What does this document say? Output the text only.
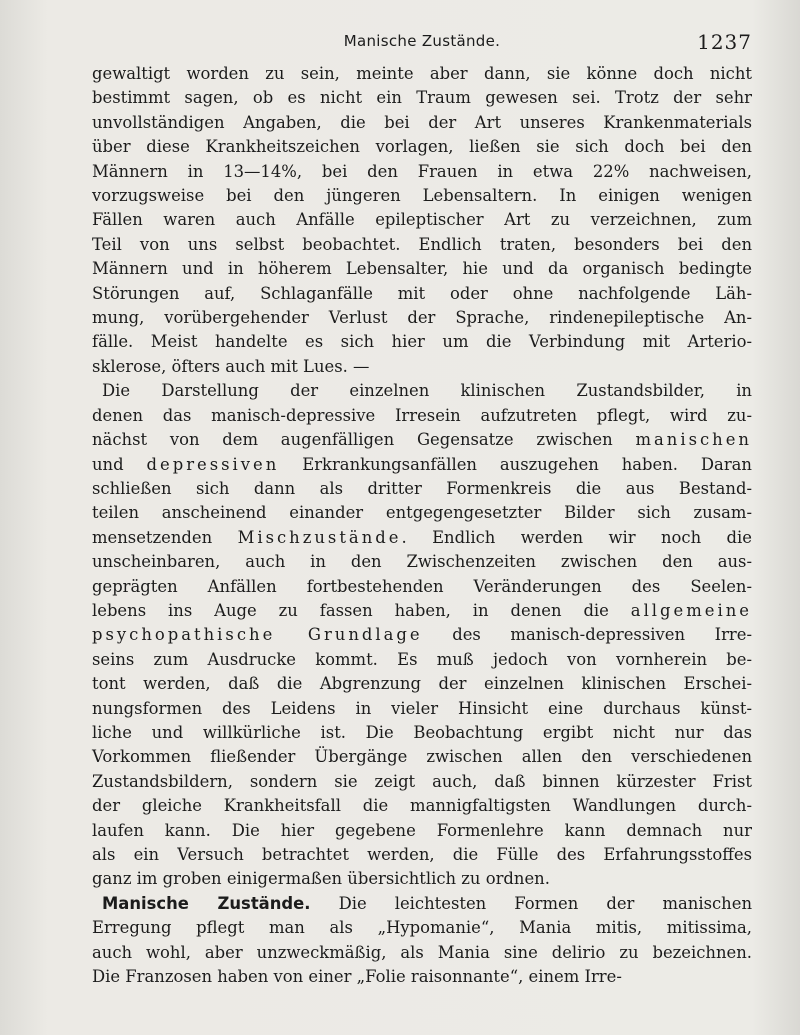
Manische Zustände.	1237

gewaltigt worden zu sein, meinte aber dann, sie könne doch nicht

bestimmt sagen, ob es nicht ein Traum gewesen sei. Trotz der sehr

unvollständigen Angaben, die bei der Art unseres Krankenmaterials

über diese Krankheitszeichen vorlagen, ließen sie sich doch bei den

Männern in 13—14%, bei den Frauen in etwa 22% nachweisen,

vorzugsweise bei den jüngeren Lebensaltern. In einigen wenigen

Fällen waren auch Anfälle epileptischer Art zu verzeichnen, zum

Teil von uns selbst beobachtet. Endlich traten, besonders bei den

Männern und in höherem Lebensalter, hie und da organisch bedingte

Störungen auf, Schlaganfälle mit oder ohne nachfolgende Läh-

mung, vorübergehender Verlust der Sprache, rindenepileptische An-

fälle. Meist handelte es sich hier um die Verbindung mit Arterio-

sklerose, öfters auch mit Lues. —

Die Darstellung der einzelnen klinischen Zustandsbilder, in

denen das manisch-depressive Irresein aufzutreten pflegt, wird zu-

nächst von dem augenfälligen Gegensatze zwischen manischen

und depressiven Erkrankungsanfällen auszugehen haben. Daran

schließen sich dann als dritter Formenkreis die aus Bestand-

teilen anscheinend einander entgegengesetzter Bilder sich zusam-

mensetzenden Mischzustände. Endlich werden wir noch die

unscheinbaren, auch in den Zwischenzeiten zwischen den aus-

geprägten Anfällen fortbestehenden Veränderungen des Seelen-

lebens ins Auge zu fassen haben, in denen die allgemeine

psychopathische Grundlage des manisch-depressiven Irre-

seins zum Ausdrucke kommt. Es muß jedoch von vornherein be-

tont werden, daß die Abgrenzung der einzelnen klinischen Erschei-

nungsformen des Leidens in vieler Hinsicht eine durchaus künst-

liche und willkürliche ist. Die Beobachtung ergibt nicht nur das

Vorkommen fließender Übergänge zwischen allen den verschiedenen

Zustandsbildern, sondern sie zeigt auch, daß binnen kürzester Frist

der gleiche Krankheitsfall die mannigfaltigsten Wandlungen durch-

laufen kann. Die hier gegebene Formenlehre kann demnach nur

als ein Versuch betrachtet werden, die Fülle des Erfahrungsstoffes

ganz im groben einigermaßen übersichtlich zu ordnen.

Manische Zustände. Die leichtesten Formen der manischen

Erregung pflegt man als „Hypomanie“, Mania mitis, mitissima,

auch wohl, aber unzweckmäßig, als Mania sine delirio zu bezeichnen.

Die Franzosen haben von einer „Folie raisonnante“, einem Irre-
